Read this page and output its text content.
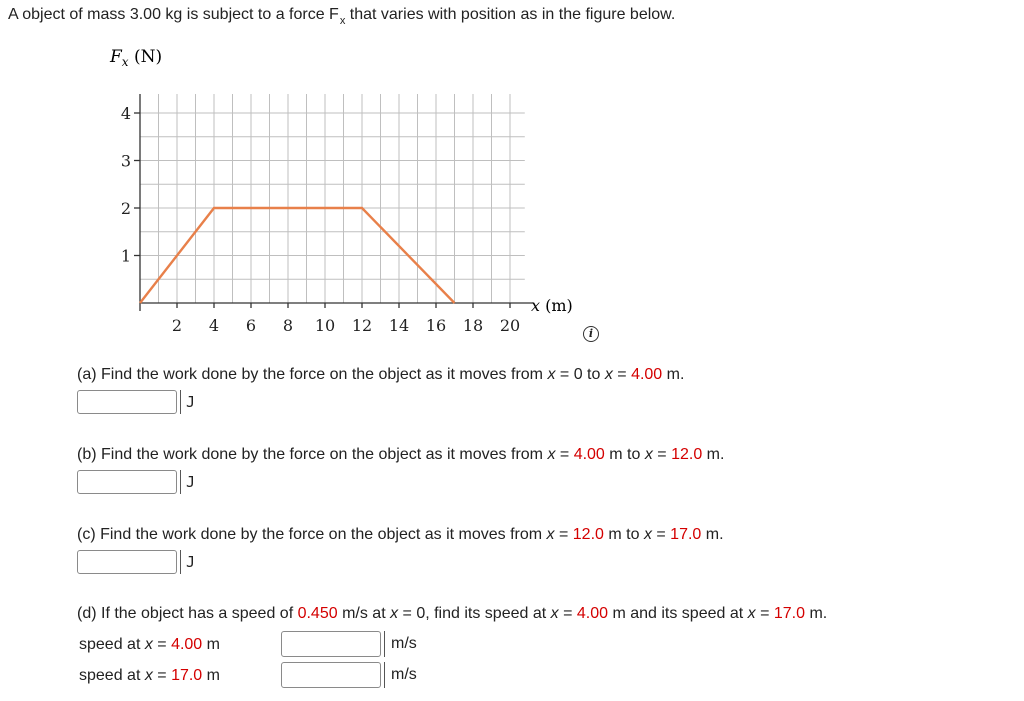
A object of mass 3.00 kg is subject to a force $F_x$ that varies with position as in the figure below.
2 4 6 8 10 12 14 16 18 20
1
2
3
4
$F_x$ (N)
x (m)
i
(a) Find the work done by the force on the object as it moves from x = 0 to x = 4.00 m.
J
(b) Find the work done by the force on the object as it moves from x = 4.00 m to x = 12.0 m.
J
(c) Find the work done by the force on the object as it moves from x = 12.0 m to x = 17.0 m.
J
(d) If the object has a speed of 0.450 m/s at x = 0, find its speed at x = 4.00 m and its speed at x = 17.0 m.
speed at x = 4.00 m	m/s
speed at x = 17.0 m	m/s
